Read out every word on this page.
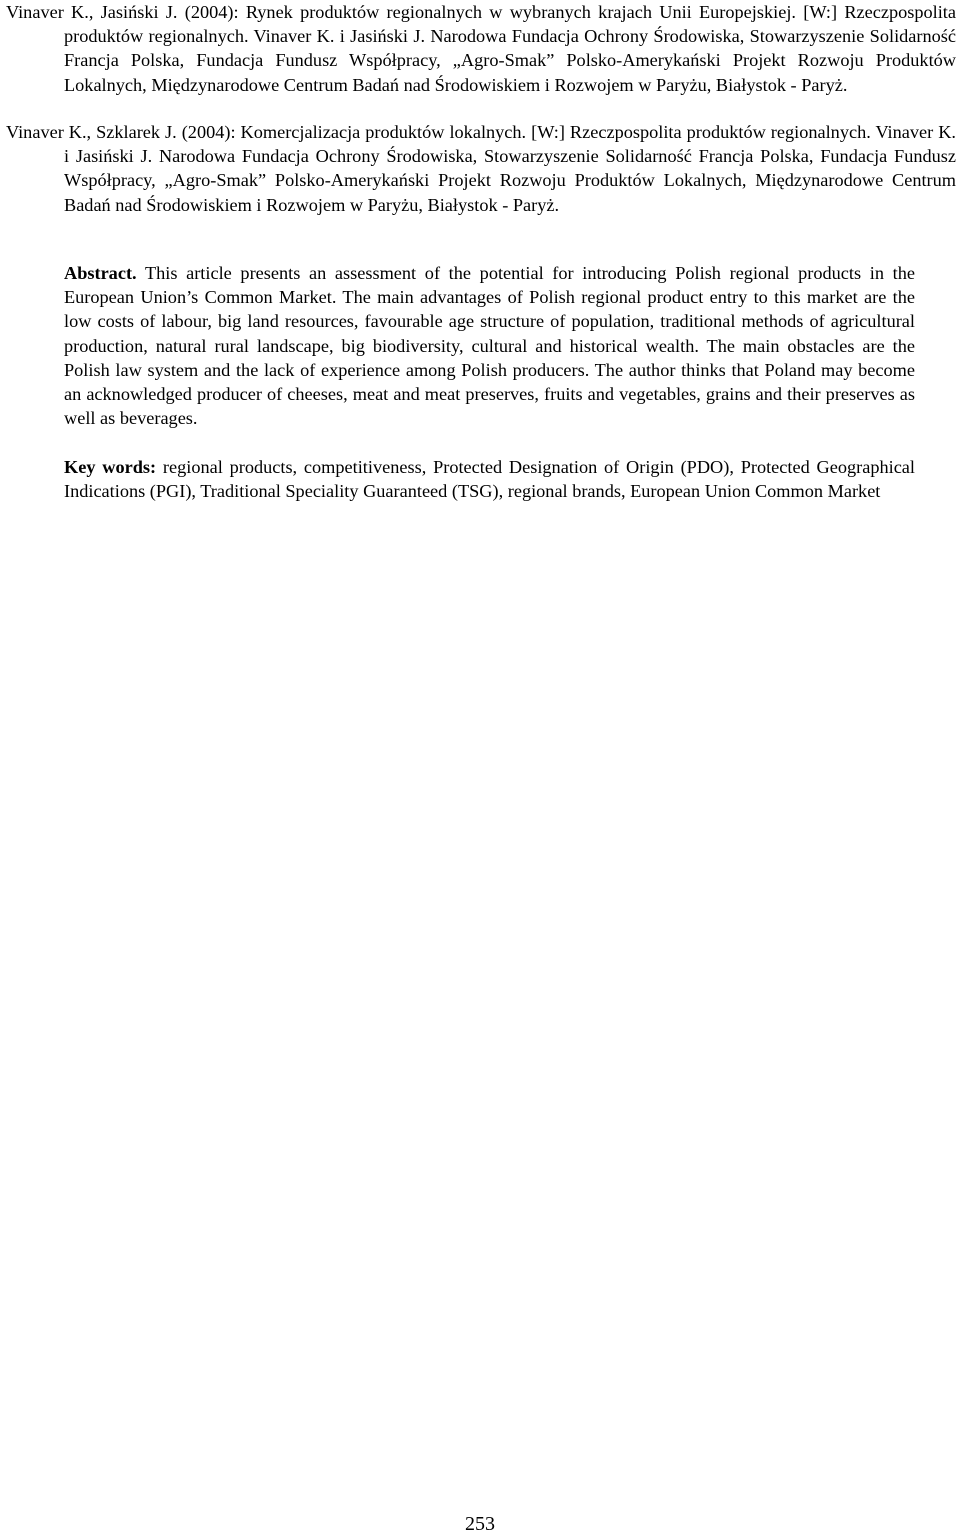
Vinaver K., Jasiński J. (2004): Rynek produktów regionalnych w wybranych krajach Unii Europejskiej. [W:] Rzeczpospolita produktów regionalnych. Vinaver K. i Jasiński J. Narodowa Fundacja Ochrony Środowiska, Stowarzyszenie Solidarność Francja Polska, Fundacja Fundusz Współpracy, „Agro-Smak” Polsko-Amerykański Projekt Rozwoju Produktów Lokalnych, Międzynarodowe Centrum Badań nad Środowiskiem i Rozwojem w Paryżu, Białystok - Paryż.

Vinaver K., Szklarek J. (2004): Komercjalizacja produktów lokalnych. [W:] Rzeczpospolita produktów regionalnych. Vinaver K. i Jasiński J. Narodowa Fundacja Ochrony Środowiska, Stowarzyszenie Solidarność Francja Polska, Fundacja Fundusz Współpracy, „Agro-Smak” Polsko-Amerykański Projekt Rozwoju Produktów Lokalnych, Międzynarodowe Centrum Badań nad Środowiskiem i Rozwojem w Paryżu, Białystok - Paryż.

Abstract. This article presents an assessment of the potential for introducing Polish regional products in the European Union’s Common Market. The main advantages of Polish regional product entry to this market are the low costs of labour, big land resources, favourable age structure of population, traditional methods of agricultural production, natural rural landscape, big biodiversity, cultural and historical wealth. The main obstacles are the Polish law system and the lack of experience among Polish producers. The author thinks that Poland may become an acknowledged producer of cheeses, meat and meat preserves, fruits and vegetables, grains and their preserves as well as beverages.

Key words: regional products, competitiveness, Protected Designation of Origin (PDO), Protected Geographical Indications (PGI), Traditional Speciality Guaranteed (TSG), regional brands, European Union Common Market

253
